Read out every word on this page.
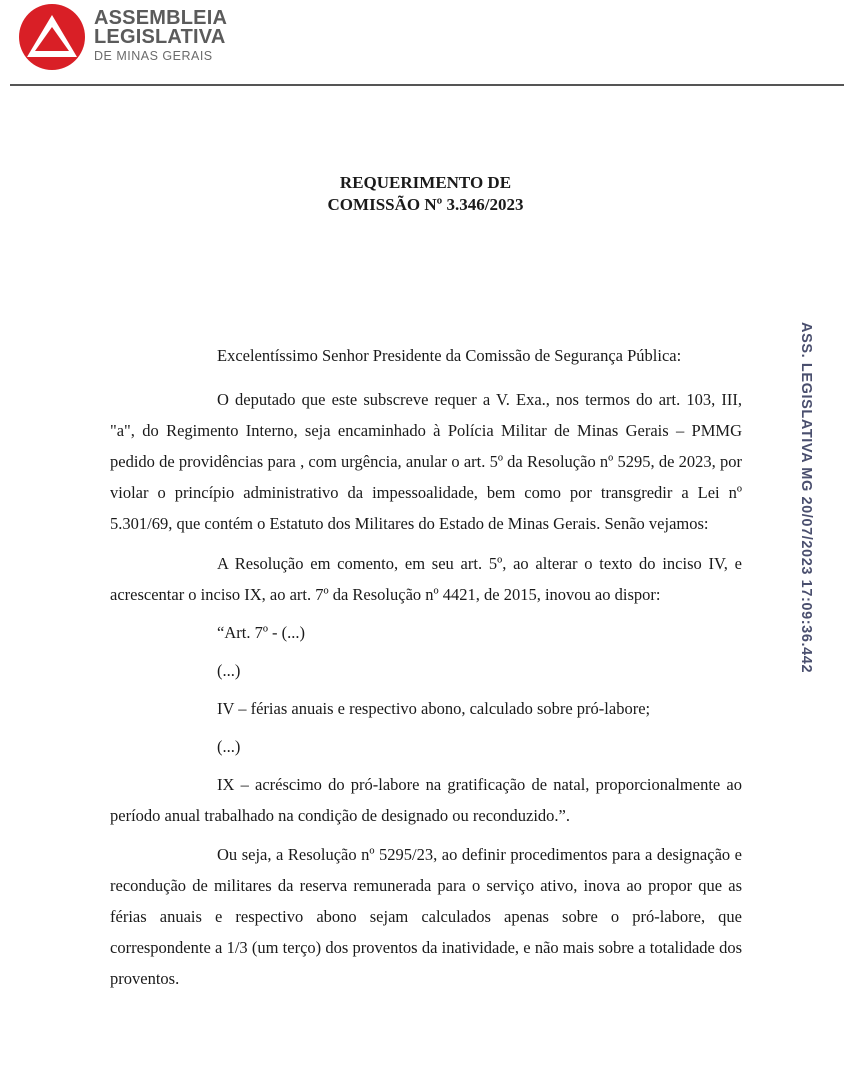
ASSEMBLEIA
LEGISLATIVA
DE MINAS GERAIS
REQUERIMENTO DE
COMISSÃO Nº 3.346/2023
ASS. LEGISLATIVA MG 20/07/2023 17:09:36.442
Excelentíssimo Senhor Presidente da Comissão de Segurança Pública:
O deputado que este subscreve requer a V. Exa., nos termos do art. 103, III, "a", do Regimento Interno, seja encaminhado à Polícia Militar de Minas Gerais – PMMG pedido de providências para , com urgência, anular o art. 5º da Resolução nº 5295, de 2023, por violar o princípio administrativo da impessoalidade, bem como por transgredir a Lei nº 5.301/69, que contém o Estatuto dos Militares do Estado de Minas Gerais. Senão vejamos:
A Resolução em comento, em seu art. 5º, ao alterar o texto do inciso IV, e acrescentar o inciso IX, ao art. 7º da Resolução nº 4421, de 2015, inovou ao dispor:
“Art. 7º - (...)
(...)
IV – férias anuais e respectivo abono, calculado sobre pró-labore;
(...)
IX – acréscimo do pró-labore na gratificação de natal, proporcionalmente ao período anual trabalhado na condição de designado ou reconduzido.”.
Ou seja, a Resolução nº 5295/23, ao definir procedimentos para a designação e recondução de militares da reserva remunerada para o serviço ativo, inova ao propor que as férias anuais e respectivo abono sejam calculados apenas sobre o pró-labore, que correspondente a 1/3 (um terço) dos proventos da inatividade, e não mais sobre a totalidade dos proventos.
